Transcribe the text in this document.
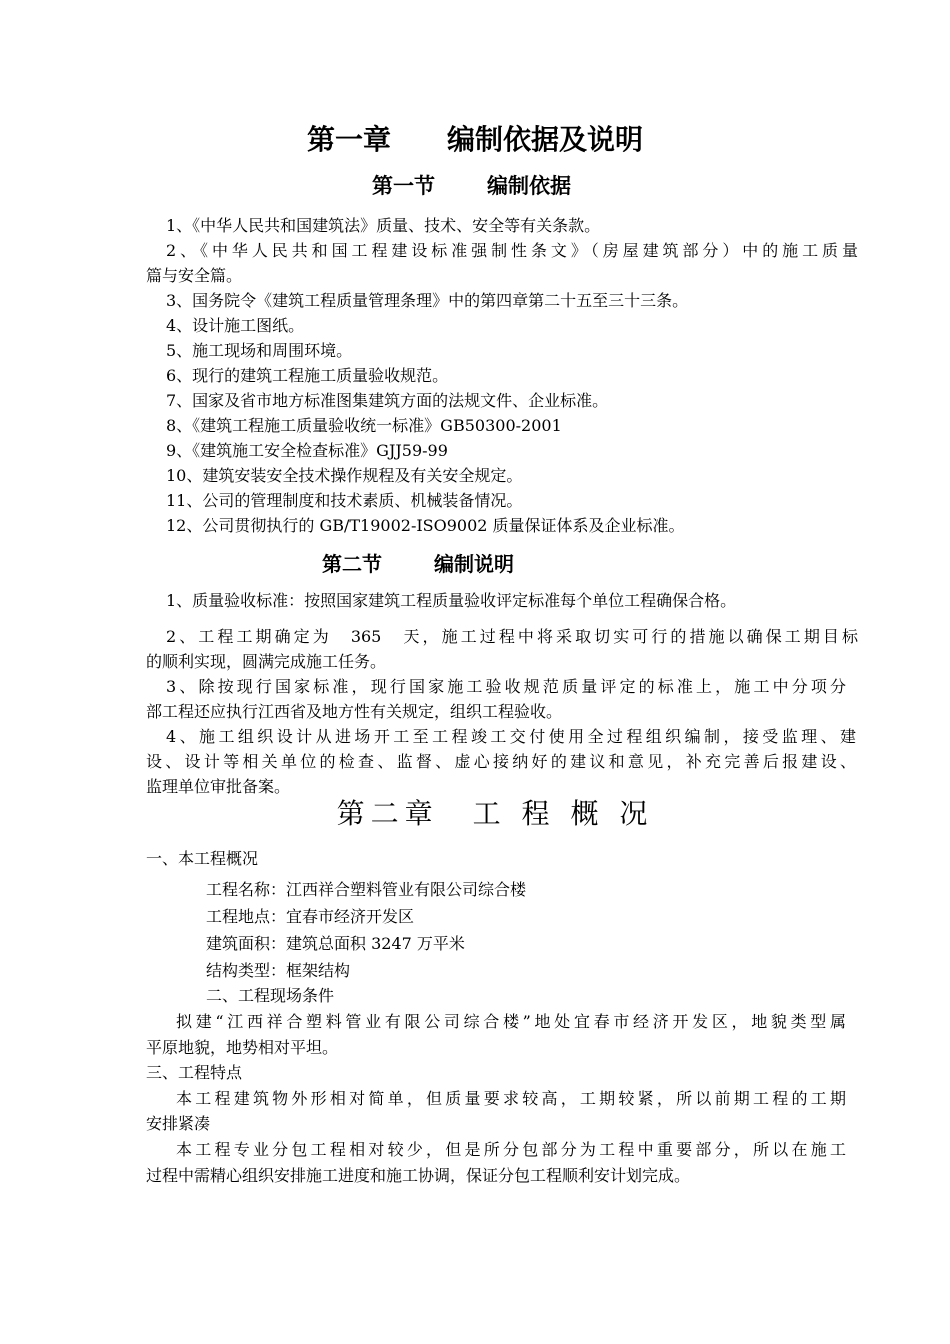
第一章　　编制依据及说明
第一节 编制依据
1、《中华人民共和国建筑法》质量、技术、安全等有关条款。
2、《中华人民共和国工程建设标准强制性条文》（房屋建筑部分）中的施工质量
篇与安全篇。
3、国务院令《建筑工程质量管理条理》中的第四章第二十五至三十三条。
4、设计施工图纸。
5、施工现场和周围环境。
6、现行的建筑工程施工质量验收规范。
7、国家及省市地方标准图集建筑方面的法规文件、企业标准。
8、《建筑工程施工质量验收统一标准》GB50300-2001
9、《建筑施工安全检查标准》GJJ59-99
10、建筑安装安全技术操作规程及有关安全规定。
11、公司的管理制度和技术素质、机械装备情况。
12、公司贯彻执行的 GB/T19002-ISO9002 质量保证体系及企业标准。
第二节	编制说明
1、质量验收标准：按照国家建筑工程质量验收评定标准每个单位工程确保合格。
2、工程工期确定为　365　天，施工过程中将采取切实可行的措施以确保工期目标
的顺利实现，圆满完成施工任务。
3、除按现行国家标准，现行国家施工验收规范质量评定的标准上，施工中分项分
部工程还应执行江西省及地方性有关规定，组织工程验收。
4、施工组织设计从进场开工至工程竣工交付使用全过程组织编制，接受监理、建
设、设计等相关单位的检查、监督、虚心接纳好的建议和意见，补充完善后报建设、
监理单位审批备案。
第二章　工 程 概 况
一、本工程概况
工程名称：江西祥合塑料管业有限公司综合楼
工程地点：宜春市经济开发区
建筑面积：建筑总面积 3247 万平米
结构类型：框架结构
二、工程现场条件
拟建“江西祥合塑料管业有限公司综合楼”地处宜春市经济开发区，地貌类型属
平原地貌，地势相对平坦。
三、工程特点
本工程建筑物外形相对简单，但质量要求较高，工期较紧，所以前期工程的工期
安排紧凑
本工程专业分包工程相对较少，但是所分包部分为工程中重要部分，所以在施工
过程中需精心组织安排施工进度和施工协调，保证分包工程顺利安计划完成。
